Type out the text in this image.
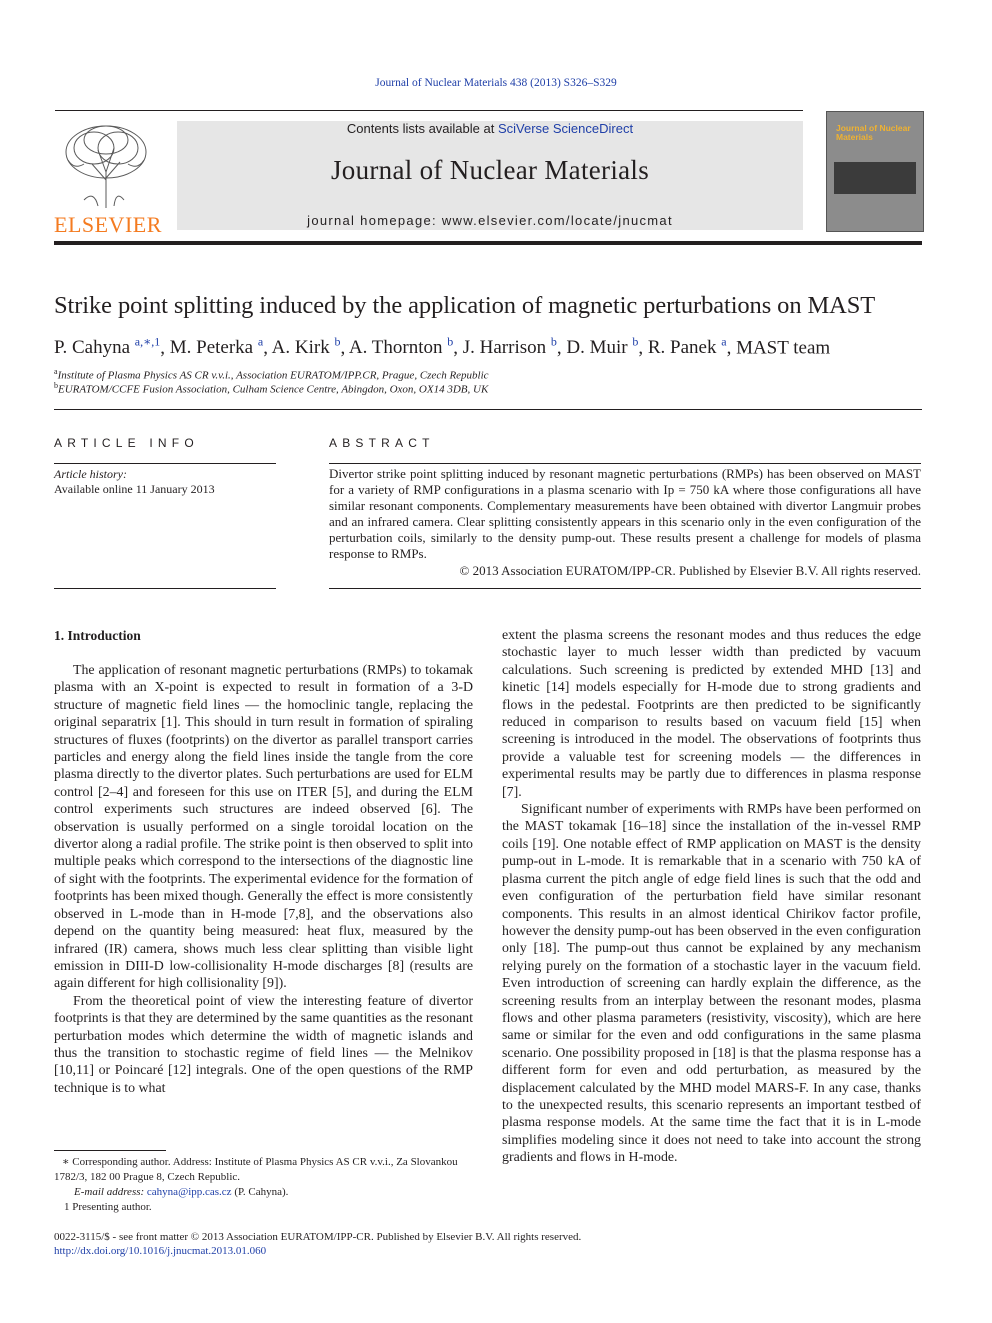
Journal of Nuclear Materials 438 (2013) S326–S329
ELSEVIER
Contents lists available at SciVerse ScienceDirect
Journal of Nuclear Materials
journal homepage: www.elsevier.com/locate/jnucmat
Journal of Nuclear Materials
Strike point splitting induced by the application of magnetic perturbations on MAST
P. Cahyna $^{a,∗,1}$, M. Peterka $^a$, A. Kirk $^b$, A. Thornton $^b$, J. Harrison $^b$, D. Muir $^b$, R. Panek $^a$, MAST team
$^a$Institute of Plasma Physics AS CR v.v.i., Association EURATOM/IPP.CR, Prague, Czech Republic
$^b$EURATOM/CCFE Fusion Association, Culham Science Centre, Abingdon, Oxon, OX14 3DB, UK
ARTICLE INFO
Article history:
Available online 11 January 2013
ABSTRACT
Divertor strike point splitting induced by resonant magnetic perturbations (RMPs) has been observed on MAST for a variety of RMP configurations in a plasma scenario with Ip = 750 kA where those configurations all have similar resonant components. Complementary measurements have been obtained with divertor Langmuir probes and an infrared camera. Clear splitting consistently appears in this scenario only in the even configuration of the perturbation coils, similarly to the density pump-out. These results present a challenge for models of plasma response to RMPs.
© 2013 Association EURATOM/IPP-CR. Published by Elsevier B.V. All rights reserved.
1. Introduction

The application of resonant magnetic perturbations (RMPs) to tokamak plasma with an X-point is expected to result in formation of a 3-D structure of magnetic field lines — the homoclinic tangle, replacing the original separatrix [1]. This should in turn result in formation of spiraling structures of fluxes (footprints) on the divertor as parallel transport carries particles and energy along the field lines inside the tangle from the core plasma directly to the divertor plates. Such perturbations are used for ELM control [2–4] and foreseen for this use on ITER [5], and during the ELM control experiments such structures are indeed observed [6]. The observation is usually performed on a single toroidal location on the divertor along a radial profile. The strike point is then observed to split into multiple peaks which correspond to the intersections of the diagnostic line of sight with the footprints. The experimental evidence for the formation of footprints has been mixed though. Generally the effect is more consistently observed in L-mode than in H-mode [7,8], and the observations also depend on the quantity being measured: heat flux, measured by the infrared (IR) camera, shows much less clear splitting than visible light emission in DIII-D low-collisionality H-mode discharges [8] (results are again different for high collisionality [9]).

From the theoretical point of view the interesting feature of divertor footprints is that they are determined by the same quantities as the resonant perturbation modes which determine the width of magnetic islands and thus the transition to stochastic regime of field lines — the Melnikov [10,11] or Poincaré [12] integrals. One of the open questions of the RMP technique is to what

extent the plasma screens the resonant modes and thus reduces the edge stochastic layer to much lesser width than predicted by vacuum calculations. Such screening is predicted by extended MHD [13] and kinetic [14] models especially for H-mode due to strong gradients and flows in the pedestal. Footprints are then predicted to be significantly reduced in comparison to results based on vacuum field [15] when screening is introduced in the model. The observations of footprints thus provide a valuable test for screening models — the differences in experimental results may be partly due to differences in plasma response [7].

Significant number of experiments with RMPs have been performed on the MAST tokamak [16–18] since the installation of the in-vessel RMP coils [19]. One notable effect of RMP application on MAST is the density pump-out in L-mode. It is remarkable that in a scenario with 750 kA of plasma current the pitch angle of edge field lines is such that the odd and even configuration of the perturbation field have similar resonant components. This results in an almost identical Chirikov factor profile, however the density pump-out has been observed in the even configuration only [18]. The pump-out thus cannot be explained by any mechanism relying purely on the formation of a stochastic layer in the vacuum field. Even introduction of screening can hardly explain the difference, as the screening results from an interplay between the resonant modes, plasma flows and other plasma parameters (resistivity, viscosity), which are here same or similar for the even and odd configurations in the same plasma scenario. One possibility proposed in [18] is that the plasma response has a different form for even and odd perturbation, as measured by the displacement calculated by the MHD model MARS-F. In any case, thanks to the unexpected results, this scenario represents an important testbed of plasma response models. At the same time the fact that it is in L-mode simplifies modeling since it does not need to take into account the strong gradients and flows in H-mode.

∗ Corresponding author. Address: Institute of Plasma Physics AS CR v.v.i., Za Slovankou 1782/3, 182 00 Prague 8, Czech Republic.
E-mail address: cahyna@ipp.cas.cz (P. Cahyna).
1 Presenting author.
0022-3115/$ - see front matter © 2013 Association EURATOM/IPP-CR. Published by Elsevier B.V. All rights reserved.
http://dx.doi.org/10.1016/j.jnucmat.2013.01.060
